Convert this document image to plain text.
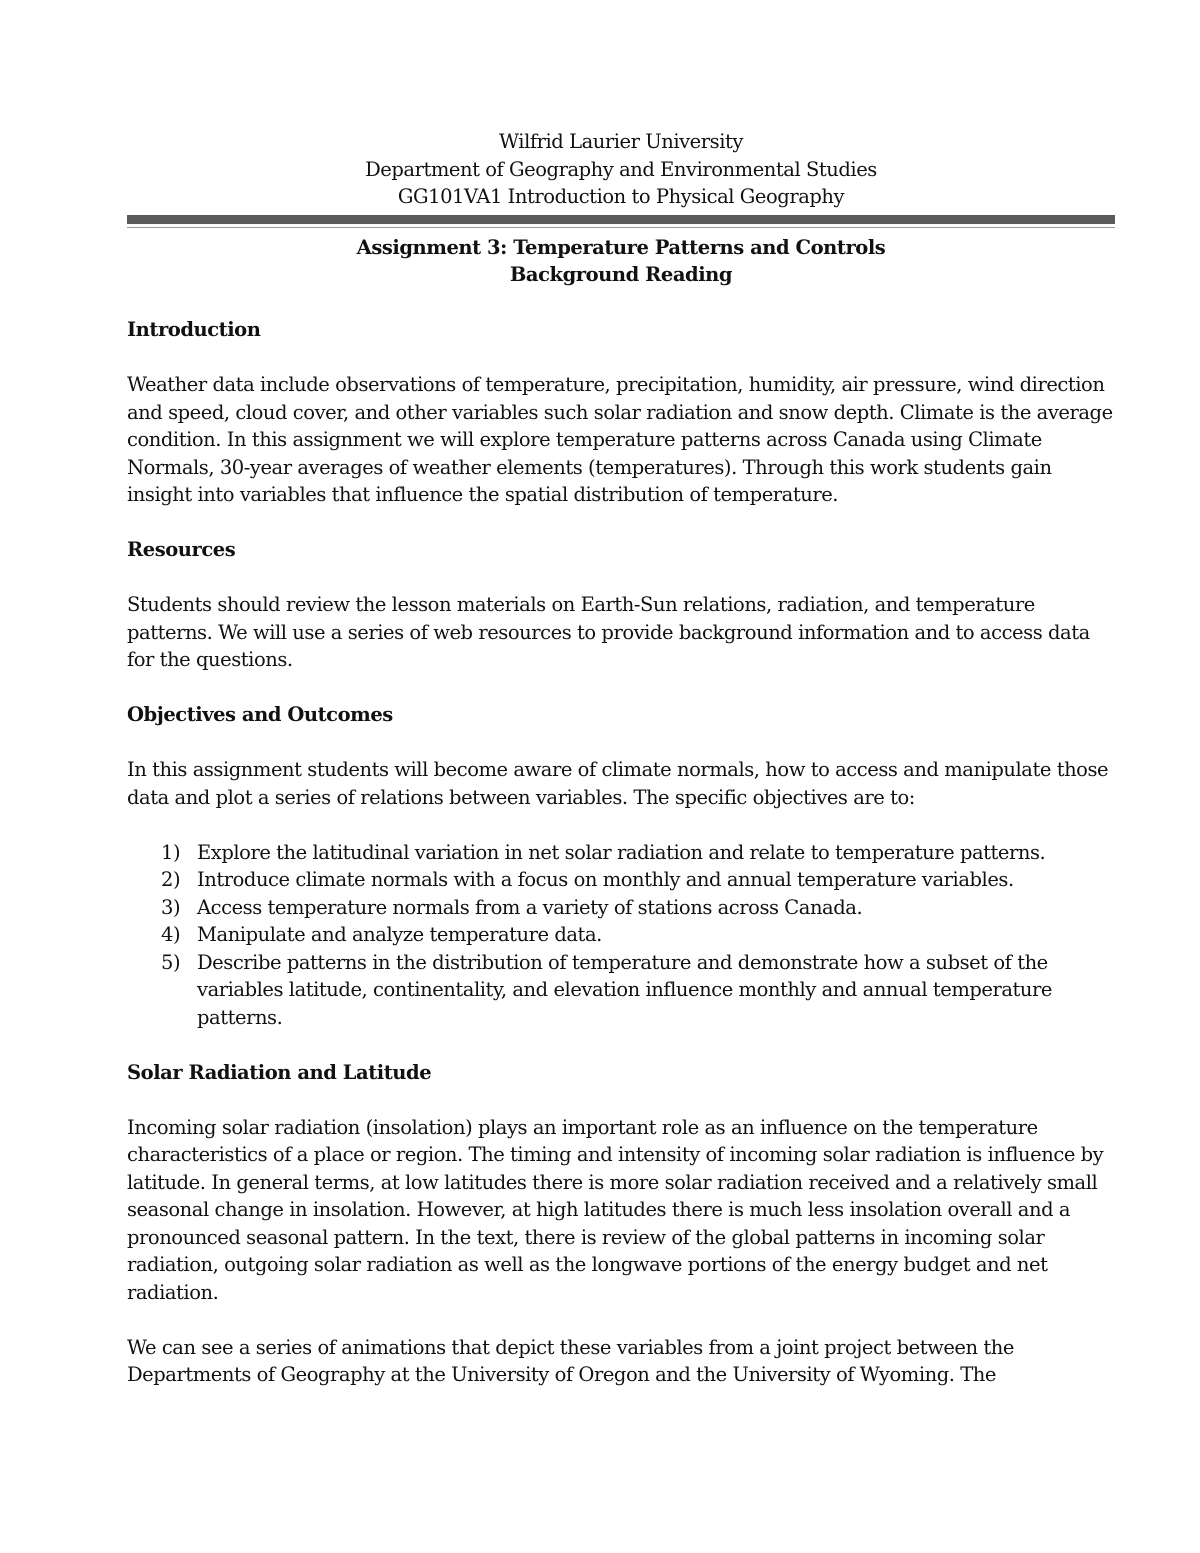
Wilfrid Laurier University
Department of Geography and Environmental Studies
GG101VA1 Introduction to Physical Geography
Assignment 3: Temperature Patterns and Controls
Background Reading
Introduction

Weather data include observations of temperature, precipitation, humidity, air pressure, wind direction and speed, cloud cover, and other variables such solar radiation and snow depth. Climate is the average condition. In this assignment we will explore temperature patterns across Canada using Climate Normals, 30-year averages of weather elements (temperatures). Through this work students gain insight into variables that influence the spatial distribution of temperature.

Resources

Students should review the lesson materials on Earth-Sun relations, radiation, and temperature patterns. We will use a series of web resources to provide background information and to access data for the questions.

Objectives and Outcomes

In this assignment students will become aware of climate normals, how to access and manipulate those data and plot a series of relations between variables. The specific objectives are to:

1) Explore the latitudinal variation in net solar radiation and relate to temperature patterns.
2) Introduce climate normals with a focus on monthly and annual temperature variables.
3) Access temperature normals from a variety of stations across Canada.
4) Manipulate and analyze temperature data.
5) Describe patterns in the distribution of temperature and demonstrate how a subset of the variables latitude, continentality, and elevation influence monthly and annual temperature patterns.
Solar Radiation and Latitude

Incoming solar radiation (insolation) plays an important role as an influence on the temperature characteristics of a place or region. The timing and intensity of incoming solar radiation is influence by latitude. In general terms, at low latitudes there is more solar radiation received and a relatively small seasonal change in insolation. However, at high latitudes there is much less insolation overall and a pronounced seasonal pattern. In the text, there is review of the global patterns in incoming solar radiation, outgoing solar radiation as well as the longwave portions of the energy budget and net radiation.

We can see a series of animations that depict these variables from a joint project between the Departments of Geography at the University of Oregon and the University of Wyoming. The
